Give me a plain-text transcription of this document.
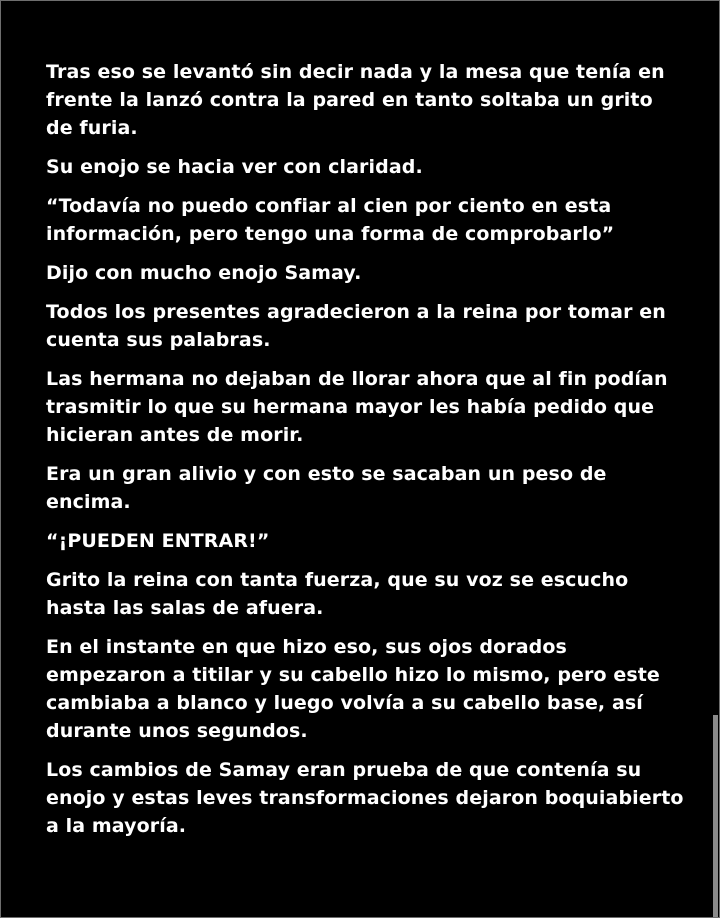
Tras eso se levantó sin decir nada y la mesa que tenía en frente la lanzó contra la pared en tanto soltaba un grito de furia.

Su enojo se hacia ver con claridad.

“Todavía no puedo confiar al cien por ciento en esta información, pero tengo una forma de comprobarlo”

Dijo con mucho enojo Samay.

Todos los presentes agradecieron a la reina por tomar en cuenta sus palabras.

Las hermana no dejaban de llorar ahora que al fin podían trasmitir lo que su hermana mayor les había pedido que hicieran antes de morir.

Era un gran alivio y con esto se sacaban un peso de encima.

“¡PUEDEN ENTRAR!”

Grito la reina con tanta fuerza, que su voz se escucho hasta las salas de afuera.

En el instante en que hizo eso, sus ojos dorados empezaron a titilar y su cabello hizo lo mismo, pero este cambiaba a blanco y luego volvía a su cabello base, así durante unos segundos.

Los cambios de Samay eran prueba de que contenía su enojo y estas leves transformaciones dejaron boquiabierto a la mayoría.
